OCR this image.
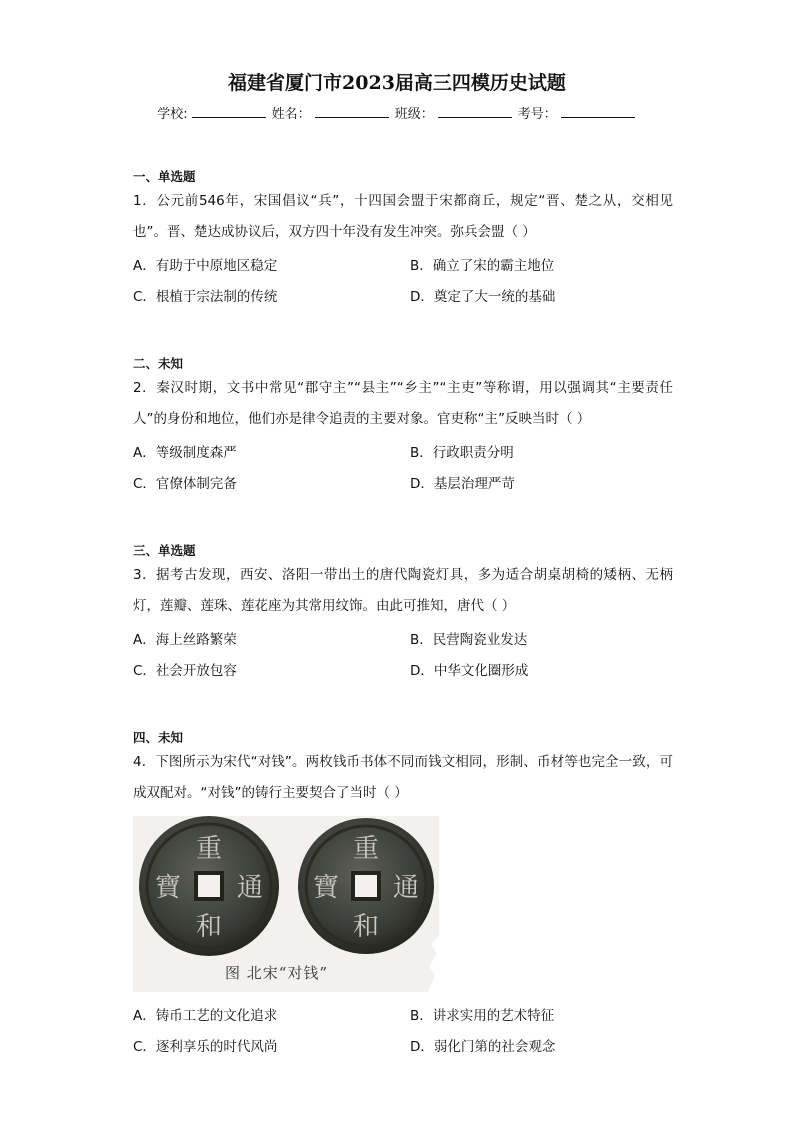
福建省厦门市2023届高三四模历史试题
学校:	姓名：	班级：	考号：
一、单选题
1．公元前546年，宋国倡议“兵”，十四国会盟于宋都商丘，规定“晋、楚之从，交相见也”。晋、楚达成协议后，双方四十年没有发生冲突。弥兵会盟（ ）
A．有助于中原地区稳定	B．确立了宋的霸主地位
C．根植于宗法制的传统	D．奠定了大一统的基础
二、未知
2．秦汉时期，文书中常见“郡守主”“县主”“乡主”“主吏”等称谓，用以强调其“主要责任人”的身份和地位，他们亦是律令追责的主要对象。官吏称“主”反映当时（ ）
A．等级制度森严	B．行政职责分明
C．官僚体制完备	D．基层治理严苛
三、单选题
3．据考古发现，西安、洛阳一带出土的唐代陶瓷灯具，多为适合胡桌胡椅的矮柄、无柄灯，莲瓣、莲珠、莲花座为其常用纹饰。由此可推知，唐代（ ）
A．海上丝路繁荣	B．民营陶瓷业发达
C．社会开放包容	D．中华文化圈形成
四、未知
4．下图所示为宋代“对钱”。两枚钱币书体不同而钱文相同，形制、币材等也完全一致，可成双配对。“对钱”的铸行主要契合了当时（ ）
重
和
通
寶
重
和
通
寶
图 北宋“对钱”
A．铸币工艺的文化追求	B．讲求实用的艺术特征
C．逐利享乐的时代风尚	D．弱化门第的社会观念
